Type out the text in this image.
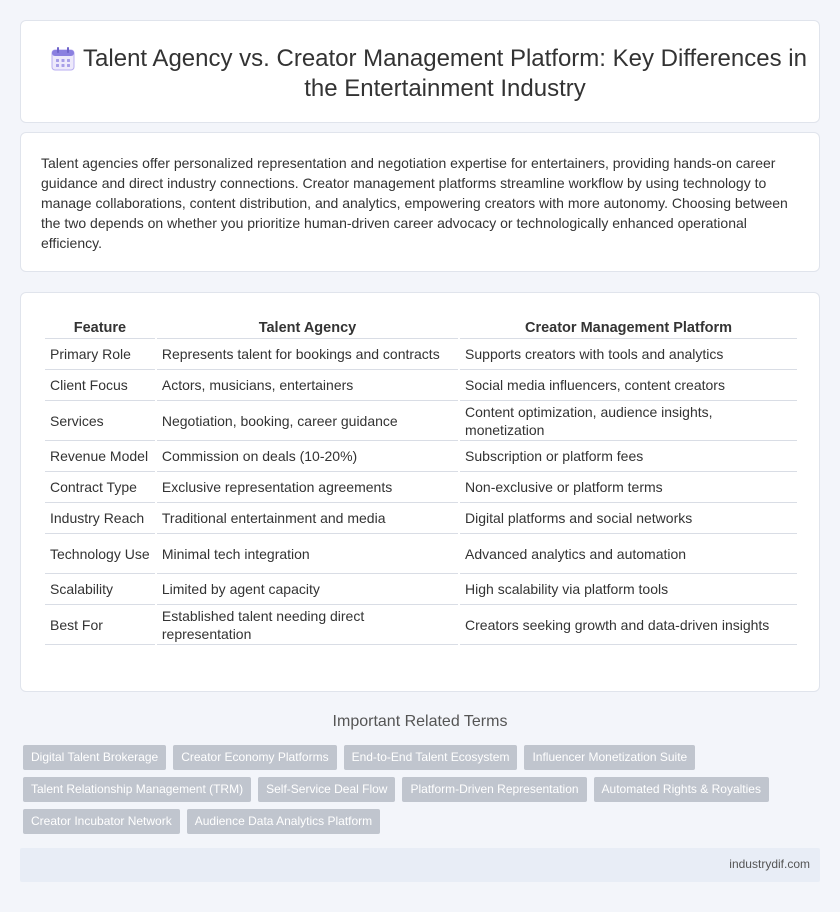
Talent Agency vs. Creator Management Platform: Key Differences in the Entertainment Industry

Talent agencies offer personalized representation and negotiation expertise for entertainers, providing hands-on career guidance and direct industry connections. Creator management platforms streamline workflow by using technology to manage collaborations, content distribution, and analytics, empowering creators with more autonomy. Choosing between the two depends on whether you prioritize human-driven career advocacy or technologically enhanced operational efficiency.

Feature	Talent Agency	Creator Management Platform
Primary Role	Represents talent for bookings and contracts	Supports creators with tools and analytics
Client Focus	Actors, musicians, entertainers	Social media influencers, content creators
Services	Negotiation, booking, career guidance	Content optimization, audience insights, monetization
Revenue Model	Commission on deals (10-20%)	Subscription or platform fees
Contract Type	Exclusive representation agreements	Non-exclusive or platform terms
Industry Reach	Traditional entertainment and media	Digital platforms and social networks
Technology Use	Minimal tech integration	Advanced analytics and automation
Scalability	Limited by agent capacity	High scalability via platform tools
Best For	Established talent needing direct representation	Creators seeking growth and data-driven insights
Important Related Terms
Digital Talent Brokerage	Creator Economy Platforms	End-to-End Talent Ecosystem	Influencer Monetization Suite
Talent Relationship Management (TRM)	Self-Service Deal Flow	Platform-Driven Representation	Automated Rights & Royalties
Creator Incubator Network	Audience Data Analytics Platform
industrydif.com
